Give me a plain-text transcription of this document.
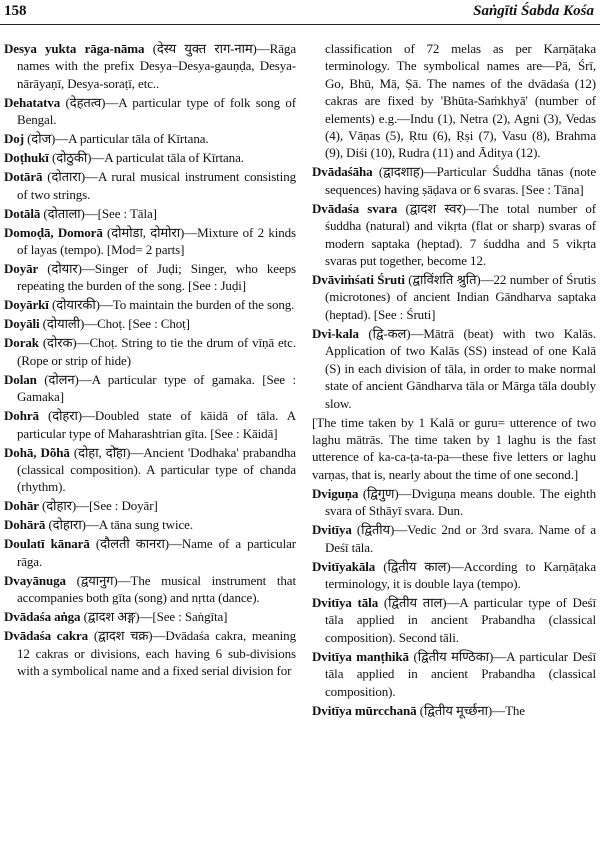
158	Saṅgīti Śabda Kośa

Desya yukta rāga-nāma (देस्य युक्त राग-नाम)—Rāga names with the prefix Desya–Desya-gauṇḍa, Desya-nārāyaṇī, Desya-soraṭī, etc..

Dehatatva (देहतत्व)—A particular type of folk song of Bengal.

Doj (दोज)—A particular tāla of Kīrtana.

Doṭhukī (दोठुकी)—A particulat tāla of Kīrtana.

Dotārā (दोतारा)—A rural musical instrument consisting of two strings.

Dotālā (दोताला)—[See : Tāla]

Domoḍā, Domorā (दोमोडा, दोमोरा)—Mixture of 2 kinds of layas (tempo). [Mod= 2 parts]

Doyār (दोयार)—Singer of Juḍi; Singer, who keeps repeating the burden of the song. [See : Juḍi]

Doyārkī (दोयारकी)—To maintain the burden of the song.

Doyāli (दोयाली)—Choṭ. [See : Choṭ]

Dorak (दोरक)—Choṭ. String to tie the drum of vīṇā etc. (Rope or strip of hide)

Dolan (दोलन)—A particular type of gamaka. [See : Gamaka]

Dohrā (दोहरा)—Doubled state of kāidā of tāla. A particular type of Maharashtrian gīta. [See : Kāidā]

Dohā, Do͂hā (दोहा, दो͂हा)—Ancient 'Dodhaka' prabandha (classical composition). A particular type of chanda (rhythm).

Dohār (दोहार)—[See : Doyār]

Dohārā (दोहारा)—A tāna sung twice.

Doulatī kānarā (दौलती कानरा)—Name of a particular rāga.

Dvayānuga (द्वयानुग)—The musical instrument that accompanies both gīta (song) and nṛtta (dance).

Dvādaśa aṅga (द्वादश अङ्ग)—[See : Saṅgīta]

Dvādaśa cakra (द्वादश चक्र)—Dvādaśa cakra, meaning 12 cakras or divisions, each having 6 sub-divisions with a symbolical name and a fixed serial division for

classification of 72 melas as per Karṇāṭaka terminology. The symbolical names are—Pā, Śrī, Go, Bhū, Mā, Ṣā. The names of the dvādaśa (12) cakras are fixed by 'Bhūta-Saṁkhyā' (number of elements) e.g.—Indu (1), Netra (2), Agni (3), Vedas (4), Vāṇas (5), Ṛtu (6), Ṛṣi (7), Vasu (8), Brahma (9), Diśi (10), Rudra (11) and Āditya (12).

Dvādaśāha (द्वादशाह)—Particular Śuddha tānas (note sequences) having ṣāḍava or 6 svaras. [See : Tāna]

Dvādaśa svara (द्वादश स्वर)—The total number of śuddha (natural) and vikṛta (flat or sharp) svaras of modern saptaka (heptad). 7 śuddha and 5 vikṛta svaras put together, become 12.

Dvāviṁśati Śruti (द्वाविंशति श्रुति)—22 number of Śrutis (microtones) of ancient Indian Gāndharva saptaka (heptad). [See : Śruti]

Dvi-kala (द्वि-कल)—Mātrā (beat) with two Kalās. Application of two Kalās (SS) instead of one Kalā (S) in each division of tāla, in order to make normal state of ancient Gāndharva tāla or Mārga tāla doubly slow.

[The time taken by 1 Kalā or guru= utterence of two laghu mātrās. The time taken by 1 laghu is the fast utterence of ka-ca-ṭa-ta-pa—these five letters or laghu varṇas, that is, nearly about the time of one second.]

Dviguṇa (द्विगुण)—Dviguṇa means double. The eighth svara of Sthāyī svara. Dun.

Dvitīya (द्वितीय)—Vedic 2nd or 3rd svara. Name of a Deśī tāla.

Dvitīyakāla (द्वितीय काल)—According to Karṇāṭaka terminology, it is double laya (tempo).

Dvitīya tāla (द्वितीय ताल)—A particular type of Deśī tāla applied in ancient Prabandha (classical composition). Second tāli.

Dvitīya manṭhikā (द्वितीय मण्ठिका)—A particular Deśī tāla applied in ancient Prabandha (classical composition).

Dvitīya mūrcchanā (द्वितीय मूर्च्छना)—The
